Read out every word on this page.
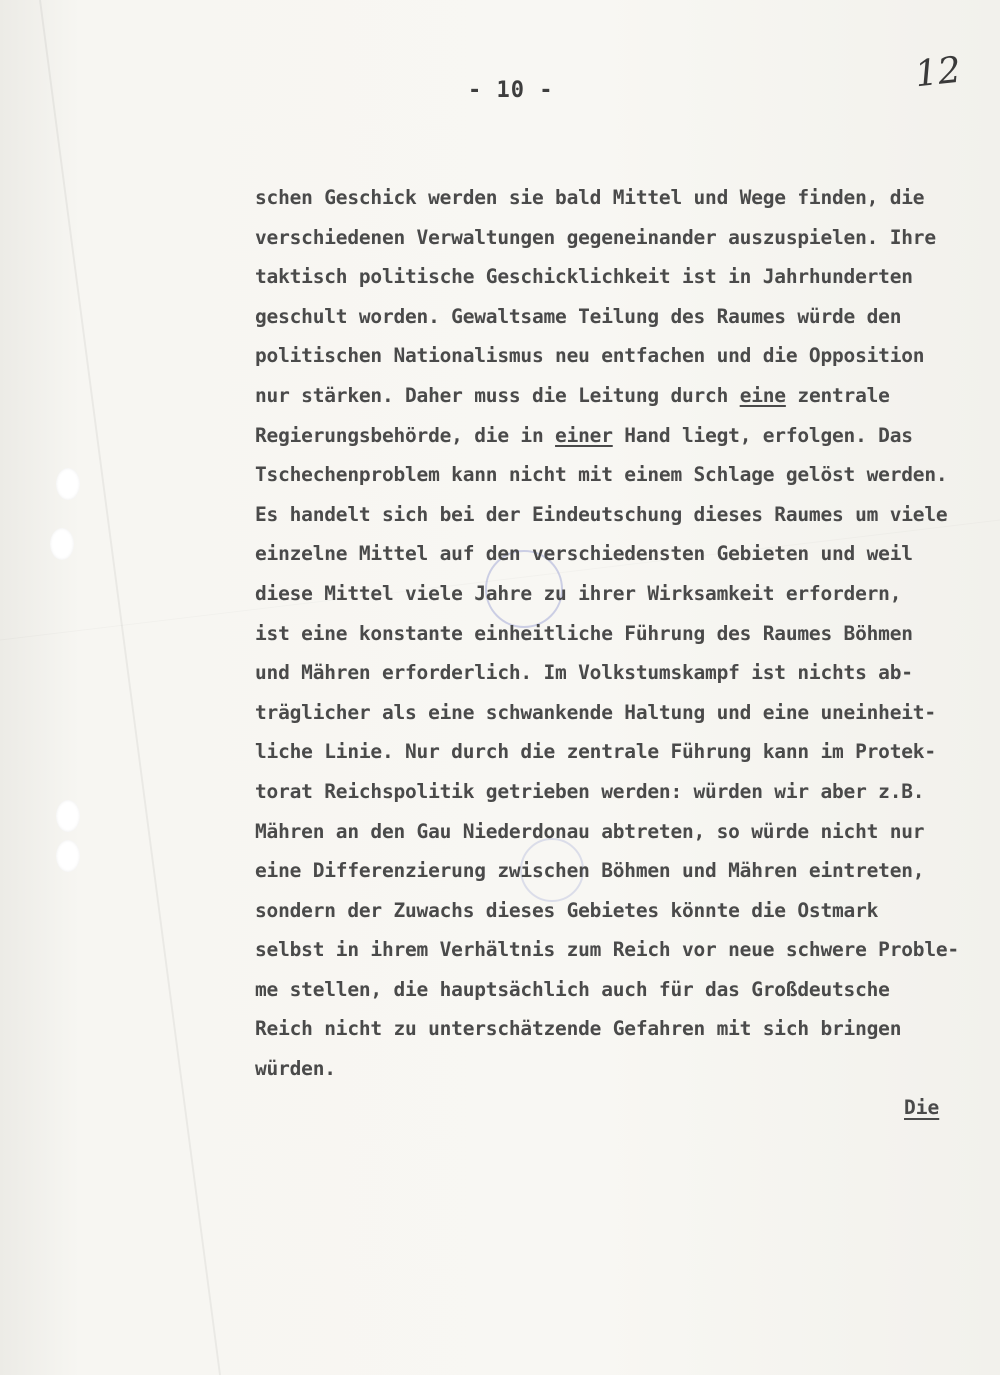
- 10 -	12
schen Geschick werden sie bald Mittel und Wege finden, die
verschiedenen Verwaltungen gegeneinander auszuspielen. Ihre
taktisch politische Geschicklichkeit ist in Jahrhunderten
geschult worden. Gewaltsame Teilung des Raumes würde den
politischen Nationalismus neu entfachen und die Opposition
nur stärken. Daher muss die Leitung durch eine zentrale
Regierungsbehörde, die in einer Hand liegt, erfolgen. Das
Tschechenproblem kann nicht mit einem Schlage gelöst werden.
Es handelt sich bei der Eindeutschung dieses Raumes um viele
einzelne Mittel auf den verschiedensten Gebieten und weil
diese Mittel viele Jahre zu ihrer Wirksamkeit erfordern,
ist eine konstante einheitliche Führung des Raumes Böhmen
und Mähren erforderlich. Im Volkstumskampf ist nichts ab-
träglicher als eine schwankende Haltung und eine uneinheit-
liche Linie. Nur durch die zentrale Führung kann im Protek-
torat Reichspolitik getrieben werden: würden wir aber z.B.
Mähren an den Gau Niederdonau abtreten, so würde nicht nur
eine Differenzierung zwischen Böhmen und Mähren eintreten,
sondern der Zuwachs dieses Gebietes könnte die Ostmark
selbst in ihrem Verhältnis zum Reich vor neue schwere Proble-
me stellen, die hauptsächlich auch für das Großdeutsche
Reich nicht zu unterschätzende Gefahren mit sich bringen
würden.
Die
